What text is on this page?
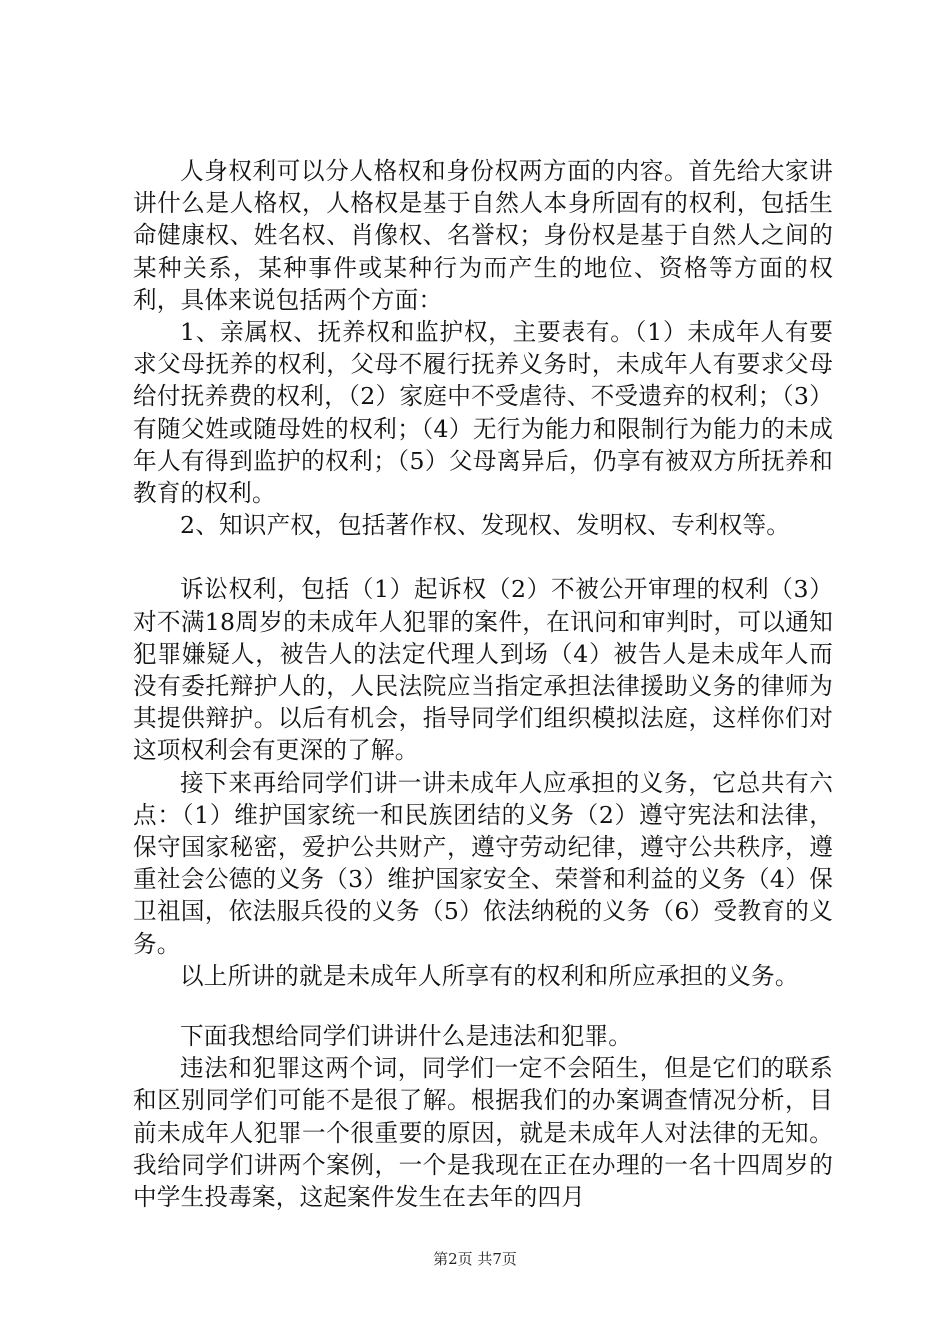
人身权利可以分人格权和身份权两方面的内容。首先给大家讲讲什么是人格权，人格权是基于自然人本身所固有的权利，包括生命健康权、姓名权、肖像权、名誉权；身份权是基于自然人之间的某种关系，某种事件或某种行为而产生的地位、资格等方面的权利，具体来说包括两个方面：

1、亲属权、抚养权和监护权，主要表有。（1）未成年人有要求父母抚养的权利，父母不履行抚养义务时，未成年人有要求父母给付抚养费的权利，（2）家庭中不受虐待、不受遗弃的权利；（3）有随父姓或随母姓的权利；（4）无行为能力和限制行为能力的未成年人有得到监护的权利；（5）父母离异后，仍享有被双方所抚养和教育的权利。

2、知识产权，包括著作权、发现权、发明权、专利权等。

诉讼权利，包括（1）起诉权（2）不被公开审理的权利（3）对不满18周岁的未成年人犯罪的案件，在讯问和审判时，可以通知犯罪嫌疑人，被告人的法定代理人到场（4）被告人是未成年人而没有委托辩护人的，人民法院应当指定承担法律援助义务的律师为其提供辩护。以后有机会，指导同学们组织模拟法庭，这样你们对这项权利会有更深的了解。

接下来再给同学们讲一讲未成年人应承担的义务，它总共有六点：（1）维护国家统一和民族团结的义务（2）遵守宪法和法律，保守国家秘密，爱护公共财产，遵守劳动纪律，遵守公共秩序，遵重社会公德的义务（3）维护国家安全、荣誉和利益的义务（4）保卫祖国，依法服兵役的义务（5）依法纳税的义务（6）受教育的义务。

以上所讲的就是未成年人所享有的权利和所应承担的义务。

下面我想给同学们讲讲什么是违法和犯罪。

违法和犯罪这两个词，同学们一定不会陌生，但是它们的联系和区别同学们可能不是很了解。根据我们的办案调查情况分析，目前未成年人犯罪一个很重要的原因，就是未成年人对法律的无知。我给同学们讲两个案例，一个是我现在正在办理的一名十四周岁的中学生投毒案，这起案件发生在去年的四月

第2页 共7页
